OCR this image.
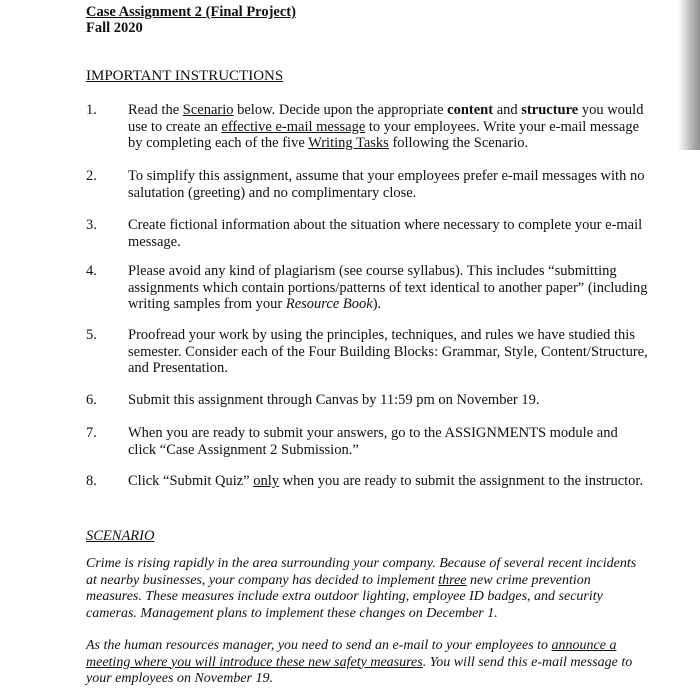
Case Assignment 2 (Final Project)
Fall 2020
IMPORTANT INSTRUCTIONS
1. Read the Scenario below. Decide upon the appropriate content and structure you would use to create an effective e-mail message to your employees. Write your e-mail message by completing each of the five Writing Tasks following the Scenario.
2. To simplify this assignment, assume that your employees prefer e-mail messages with no salutation (greeting) and no complimentary close.
3. Create fictional information about the situation where necessary to complete your e-mail message.
4. Please avoid any kind of plagiarism (see course syllabus). This includes “submitting assignments which contain portions/patterns of text identical to another paper” (including writing samples from your Resource Book).
5. Proofread your work by using the principles, techniques, and rules we have studied this semester. Consider each of the Four Building Blocks: Grammar, Style, Content/Structure, and Presentation.
6. Submit this assignment through Canvas by 11:59 pm on November 19.
7. When you are ready to submit your answers, go to the ASSIGNMENTS module and click “Case Assignment 2 Submission.”
8. Click “Submit Quiz” only when you are ready to submit the assignment to the instructor.
SCENARIO
Crime is rising rapidly in the area surrounding your company. Because of several recent incidents at nearby businesses, your company has decided to implement three new crime prevention measures. These measures include extra outdoor lighting, employee ID badges, and security cameras. Management plans to implement these changes on December 1.
As the human resources manager, you need to send an e-mail to your employees to announce a meeting where you will introduce these new safety measures. You will send this e-mail message to your employees on November 19.
